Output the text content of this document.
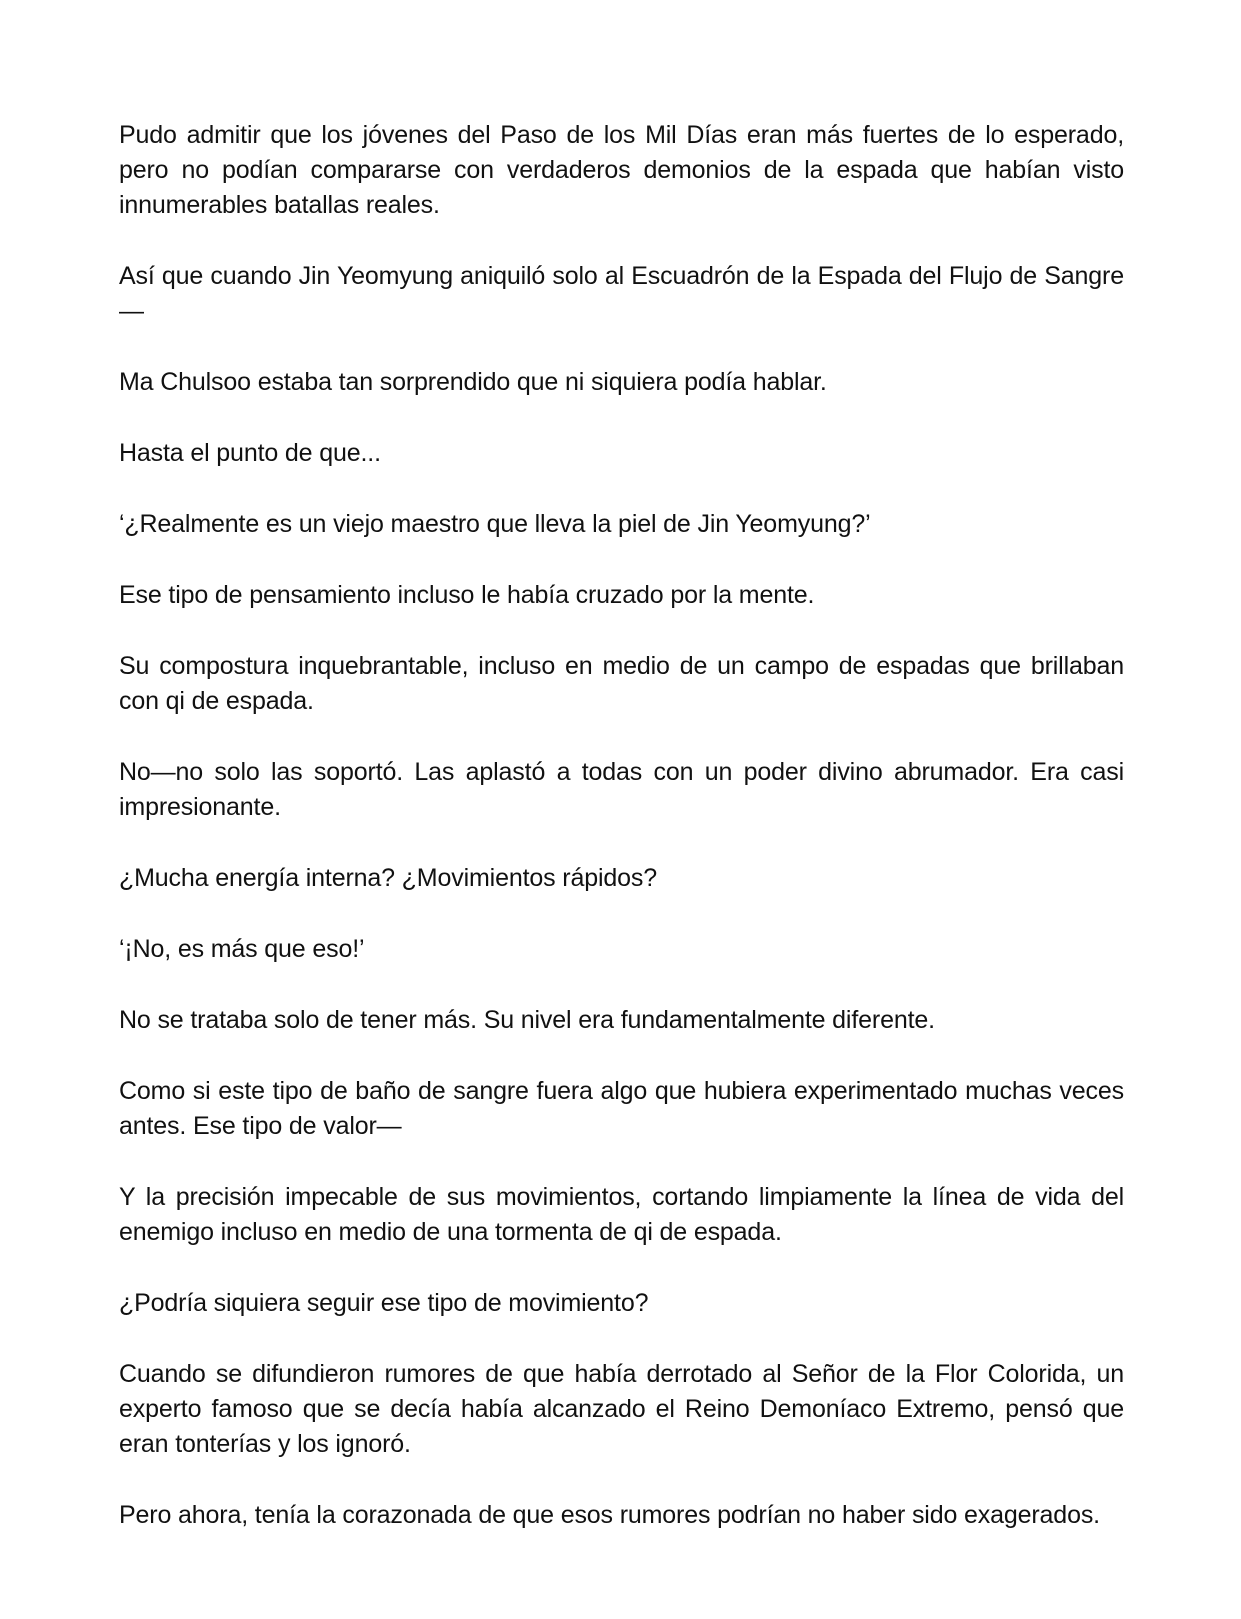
Pudo admitir que los jóvenes del Paso de los Mil Días eran más fuertes de lo esperado, pero no podían compararse con verdaderos demonios de la espada que habían visto innumerables batallas reales.

Así que cuando Jin Yeomyung aniquiló solo al Escuadrón de la Espada del Flujo de Sangre—

Ma Chulsoo estaba tan sorprendido que ni siquiera podía hablar.

Hasta el punto de que...

‘¿Realmente es un viejo maestro que lleva la piel de Jin Yeomyung?’

Ese tipo de pensamiento incluso le había cruzado por la mente.

Su compostura inquebrantable, incluso en medio de un campo de espadas que brillaban con qi de espada.

No—no solo las soportó. Las aplastó a todas con un poder divino abrumador. Era casi impresionante.

¿Mucha energía interna? ¿Movimientos rápidos?

‘¡No, es más que eso!’

No se trataba solo de tener más. Su nivel era fundamentalmente diferente.

Como si este tipo de baño de sangre fuera algo que hubiera experimentado muchas veces antes. Ese tipo de valor—

Y la precisión impecable de sus movimientos, cortando limpiamente la línea de vida del enemigo incluso en medio de una tormenta de qi de espada.

¿Podría siquiera seguir ese tipo de movimiento?

Cuando se difundieron rumores de que había derrotado al Señor de la Flor Colorida, un experto famoso que se decía había alcanzado el Reino Demoníaco Extremo, pensó que eran tonterías y los ignoró.

Pero ahora, tenía la corazonada de que esos rumores podrían no haber sido exagerados.
